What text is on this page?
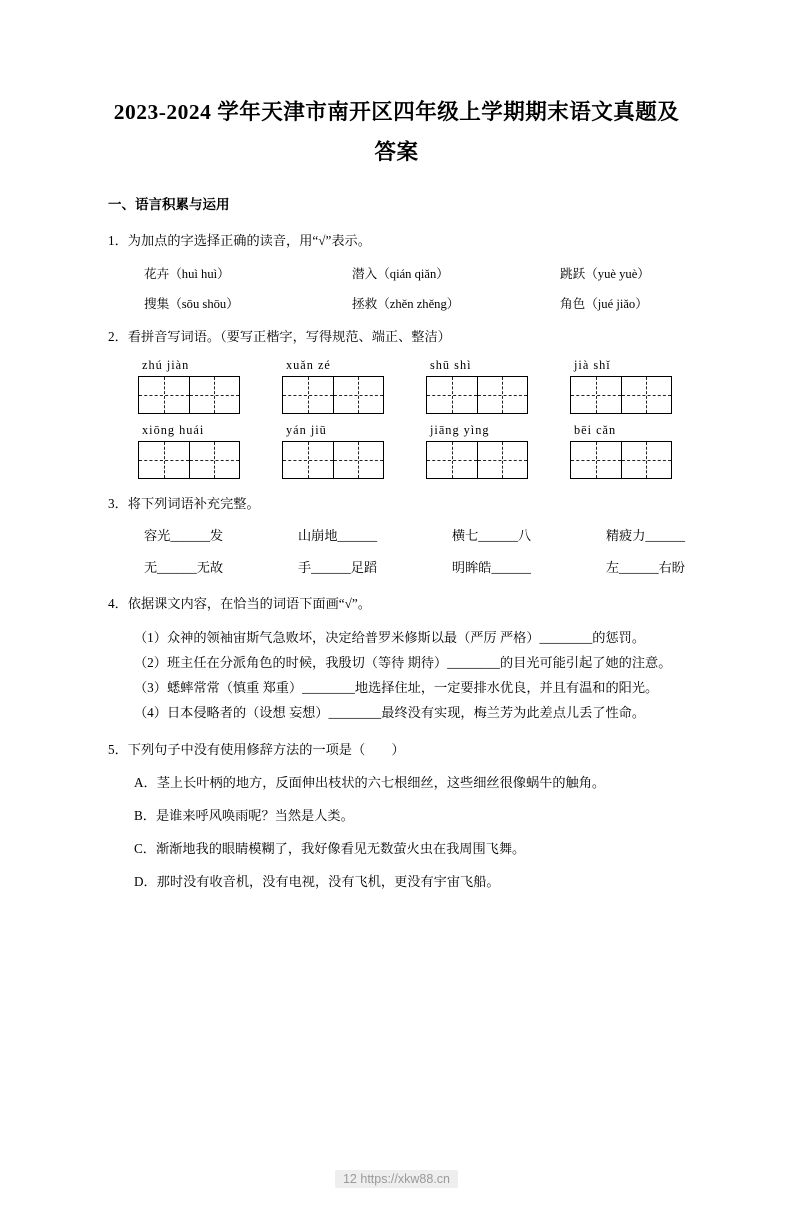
2023-2024 学年天津市南开区四年级上学期期末语文真题及答案
一、语言积累与运用
1．为加点的字选择正确的读音，用“√”表示。
花卉（huì huì）	潜入（qián qiǎn）	跳跃（yuè yuè）
搜集（sōu shōu）	拯救（zhěn zhěng）	角色（jué jiǎo）
2．看拼音写词语。（要写正楷字，写得规范、端正、整洁）
zhú jiàn	xuǎn zé	shū shì	jià shǐ
xiōng huái	yán jiū	jiāng yìng	bēi cǎn
3．将下列词语补充完整。
容光______发	山崩地______	横七______八	精疲力______
无______无故	手______足蹈	明眸皓______	左______右盼
4．依据课文内容，在恰当的词语下面画“√”。

（1）众神的领袖宙斯气急败坏，决定给普罗米修斯以最（严厉 严格）________的惩罚。

（2）班主任在分派角色的时候，我殷切（等待 期待）________的目光可能引起了她的注意。

（3）蟋蟀常常（慎重 郑重）________地选择住址，一定要排水优良，并且有温和的阳光。

（4）日本侵略者的（设想 妄想）________最终没有实现，梅兰芳为此差点儿丢了性命。

5．下列句子中没有使用修辞方法的一项是（　　）
A．茎上长叶柄的地方，反面伸出枝状的六七根细丝，这些细丝很像蜗牛的触角。
B．是谁来呼风唤雨呢？当然是人类。
C．渐渐地我的眼睛模糊了，我好像看见无数萤火虫在我周围飞舞。
D．那时没有收音机，没有电视，没有飞机，更没有宇宙飞船。
12 https://xkw88.cn
